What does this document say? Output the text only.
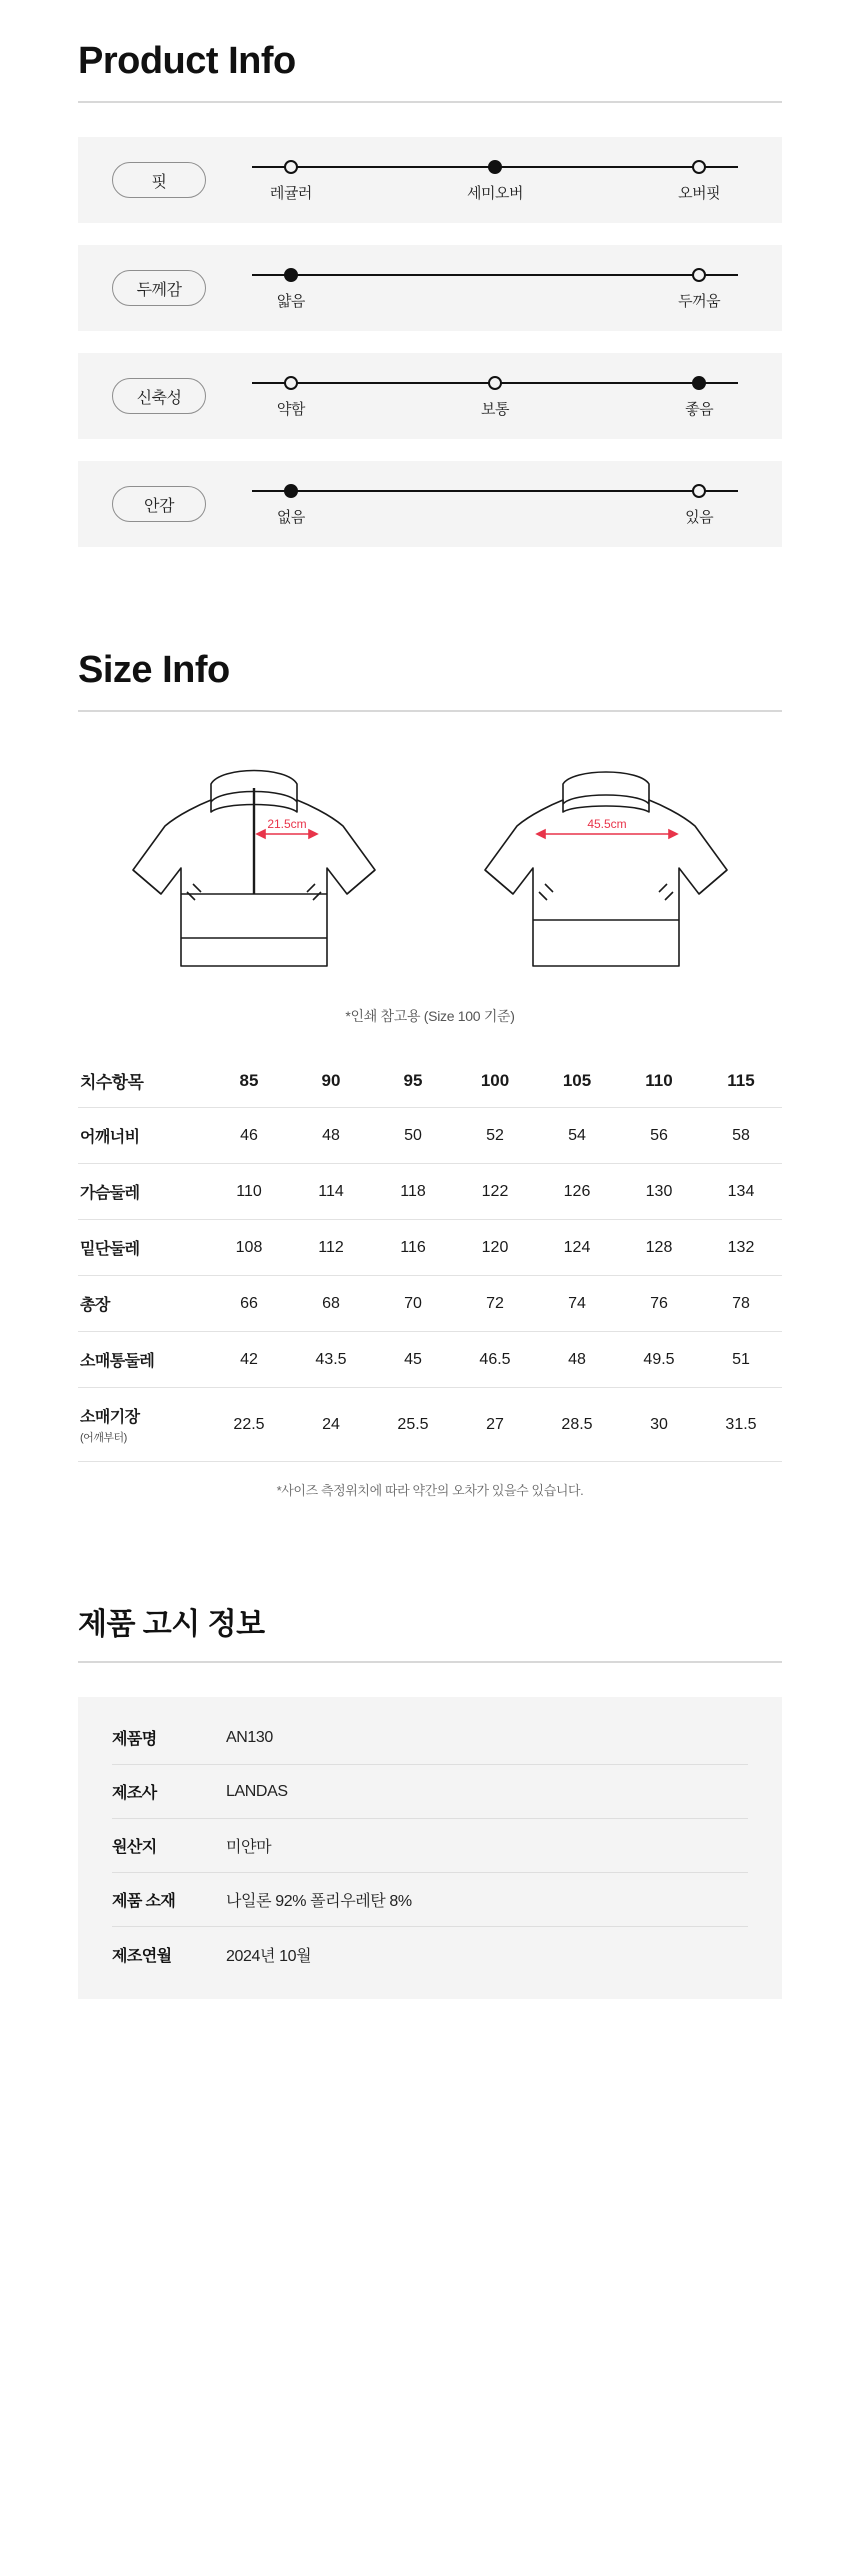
Product Info
핏
레귤러	세미오버	오버핏
두께감
얇음	두꺼움
신축성
약함	보통	좋음
안감
없음	있음
Size Info
21.5cm	45.5cm
*인쇄 참고용 (Size 100 기준)
치수항목	85	90	95	100	105	110	115
어깨너비	46	48	50	52	54	56	58
가슴둘레	110	114	118	122	126	130	134
밑단둘레	108	112	116	120	124	128	132
총장	66	68	70	72	74	76	78
소매통둘레	42	43.5	45	46.5	48	49.5	51
소매기장
(어깨부터)	22.5	24	25.5	27	28.5	30	31.5
*사이즈 측정위치에 따라 약간의 오차가 있을수 있습니다.
제품 고시 정보
제품명	AN130
제조사	LANDAS
원산지	미얀마
제품 소재	나일론 92% 폴리우레탄 8%
제조연월	2024년 10월
